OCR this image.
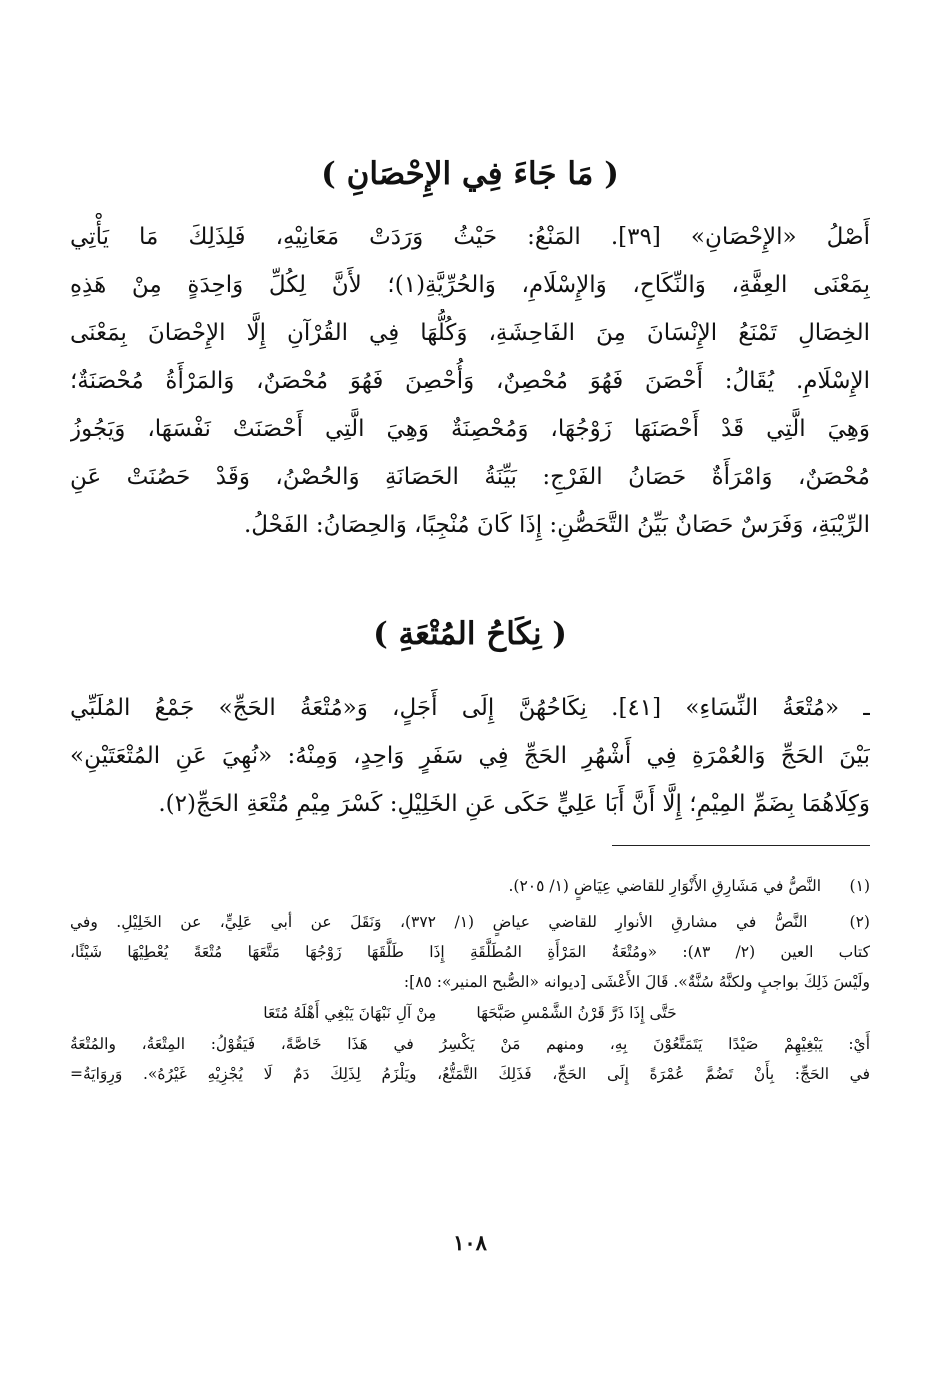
( مَا جَاءَ فِي الإِحْصَانِ )
أَصْلُ «الإِحْصَانِ» [٣٩]. المَنْعُ: حَيْثُ وَرَدَتْ مَعَانِيْهِ، فَلِذَلِكَ مَا يَأْتِي
بِمَعْنَى العِفَّةِ، وَالنِّكَاحِ، وَالإِسْلَامِ، وَالحُرِّيَّةِ(١)؛ لأَنَّ لِكُلِّ وَاحِدَةٍ مِنْ هَذِهِ
الخِصَالِ تَمْنَعُ الإِنْسَانَ مِنَ الفَاحِشَةِ، وَكُلُّهَا فِي القُرْآنِ إِلَّا الإِحْصَانَ بِمَعْنَى
الإِسْلَامِ. يُقَالُ: أَحْصَنَ فَهُوَ مُحْصِنٌ، وَأُحْصِنَ فَهُوَ مُحْصَنٌ، وَالمَرْأَةُ مُحْصَنَةٌ؛
وَهِيَ الَّتِي قَدْ أَحْصَنَهَا زَوْجُهَا، وَمُحْصِنَةٌ وَهِيَ الَّتِي أَحْصَنَتْ نَفْسَهَا، وَيَجُوزُ
مُحْصَنٌ، وَامْرَأَةٌ حَصَانُ الفَرْجِ: بَيِّنَةُ الحَصَانَةِ وَالحُصْنُ، وَقَدْ حَصُنَتْ عَنِ
الرِّيْبَةِ، وَفَرَسٌ حَصَانٌ بَيِّنُ التَّحَصُّنِ: إِذَا كَانَ مُنْجِبًا، وَالحِصَانُ: الفَحْلُ.
( نِكَاحُ المُتْعَةِ )
ـ «مُتْعَةُ النِّسَاءِ» [٤١]. نِكَاحُهُنَّ إِلَى أَجَلٍ، وَ«مُتْعَةُ الحَجِّ» جَمْعُ المُلَبِّي
بَيْنَ الحَجِّ وَالعُمْرَةِ فِي أَشْهُرِ الحَجِّ فِي سَفَرٍ وَاحِدٍ، وَمِنْهُ: «نُهِيَ عَنِ المُتْعَتَيْنِ»
وَكِلَاهُمَا بِضَمِّ المِيْمِ؛ إِلَّا أَنَّ أَبَا عَلِيٍّ حَكَى عَنِ الخَلِيْلِ: كَسْرَ مِيْمِ مُتْعَةِ الحَجِّ(٢).
(١) النَّصُّ في مَشَارِقِ الأَنْوَارِ للقاضي عِيَاضٍ (١/ ٢٠٥).
(٢) النَّصُّ في مشارقِ الأنوارِ للقاضي عياضٍ (١/ ٣٧٢)، وَنَقَلَ عن أبي عَلِيٍّ، عن الخَلِيْلِ. وفي
كتاب العين (٢/ ٨٣): «ومُتْعَةُ المَرْأَةِ المُطَلَّقَةِ إِذَا طَلَّقَهَا زَوْجُهَا مَتَّعَهَا مُتْعَةً يُعْطِيْهَا شَيْئًا،
ولَيْسَ ذَلِكَ بواجبٍ ولكنَّهُ سُنَّةٌ». قَالَ الأَعْشَى [ديوانه «الصُّبح المنير»: ٨٥]:
حَتَّى إِذَا ذَرَّ قَرْنُ الشَّمْسِ صَبَّحَهَا
مِنْ آلِ نَبْهَانَ يَبْغِي أَهْلَهُ مُتَعَا
أَيْ: يَبْغِيْهِمْ صَيْدًا يَتَمَتَّعُوْنَ بِهِ، ومنهم مَنْ يَكْسِرُ في هَذَا خَاصَّةً، فَيَقُوْلُ: المِتْعَةُ، والمُتْعَةُ
في الحَجِّ: بِأَنْ تَضُمَّ عُمْرَةً إِلَى الحَجِّ، فَذَلِكَ التَّمَتُّعُ، ويَلْزَمُ لِذَلِكَ دَمٌ لَا يُجْزِيْهِ غَيْرُهُ». وَرِوَايَةُ=
١٠٨
